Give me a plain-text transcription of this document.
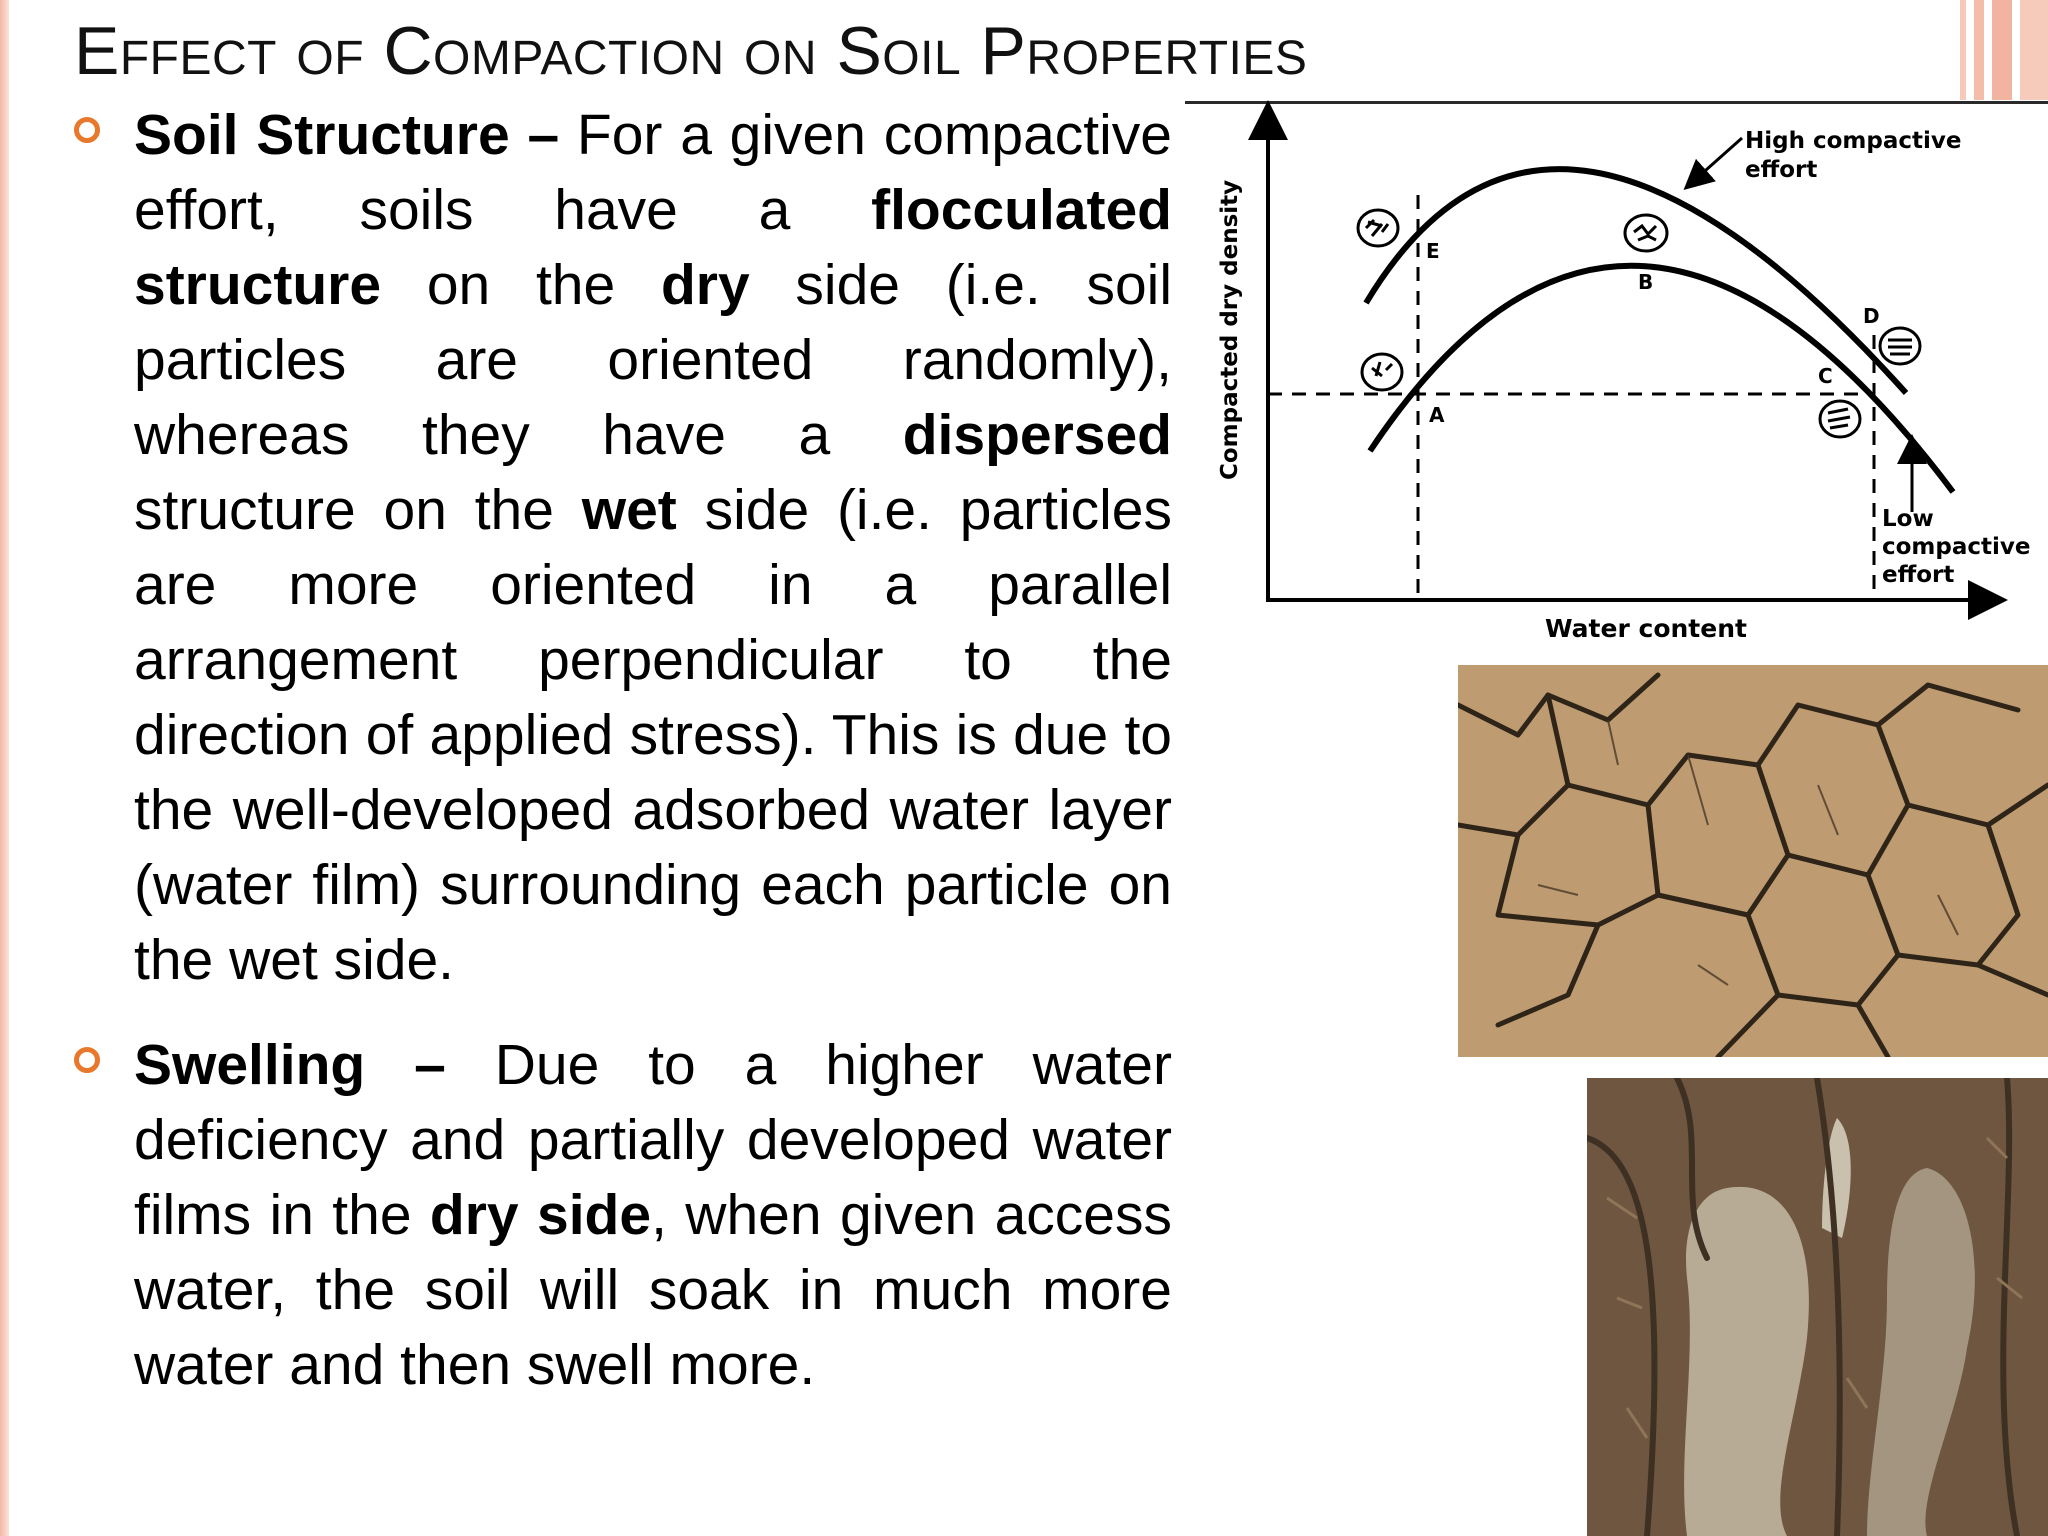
Effect of Compaction on Soil Properties

Soil Structure – For a given compactive effort, soils have a flocculated structure on the dry side (i.e. soil particles are oriented randomly), whereas they have a dispersed structure on the wet side (i.e. particles are more oriented in a parallel arrangement perpendicular to the direction of applied stress). This is due to the well-developed adsorbed water layer (water film) surrounding each particle on the wet side.

Swelling – Due to a higher water deficiency and partially developed water films in the dry side, when given access water, the soil will soak in much more water and then swell more.

E
B
D
C
A
High compactive
effort
Low
compactive
effort
Water content
Compacted dry density
